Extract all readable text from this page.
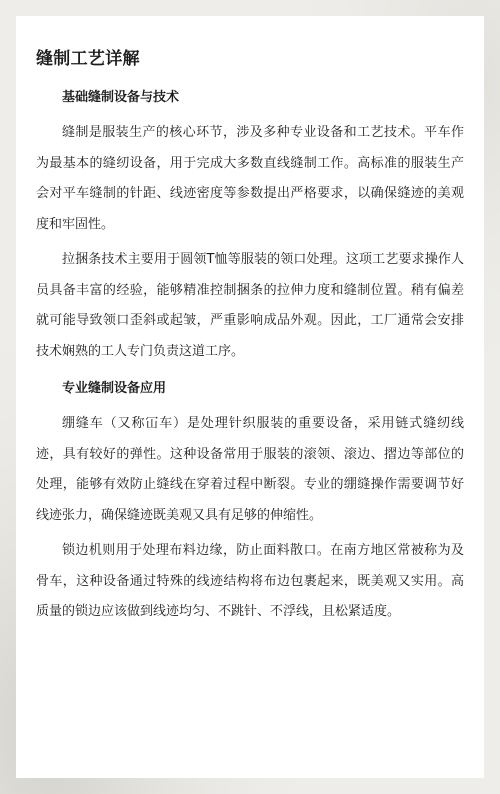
缝制工艺详解
基础缝制设备与技术

缝制是服装生产的核心环节，涉及多种专业设备和工艺技术。平车作为最基本的缝纫设备，用于完成大多数直线缝制工作。高标准的服装生产会对平车缝制的针距、线迹密度等参数提出严格要求，以确保缝迹的美观度和牢固性。

拉捆条技术主要用于圆领T恤等服装的领口处理。这项工艺要求操作人员具备丰富的经验，能够精准控制捆条的拉伸力度和缝制位置。稍有偏差就可能导致领口歪斜或起皱，严重影响成品外观。因此，工厂通常会安排技术娴熟的工人专门负责这道工序。

专业缝制设备应用

绷缝车（又称冚车）是处理针织服装的重要设备，采用链式缝纫线迹，具有较好的弹性。这种设备常用于服装的滚领、滚边、摺边等部位的处理，能够有效防止缝线在穿着过程中断裂。专业的绷缝操作需要调节好线迹张力，确保缝迹既美观又具有足够的伸缩性。

锁边机则用于处理布料边缘，防止面料散口。在南方地区常被称为及骨车，这种设备通过特殊的线迹结构将布边包裹起来，既美观又实用。高质量的锁边应该做到线迹均匀、不跳针、不浮线，且松紧适度。
